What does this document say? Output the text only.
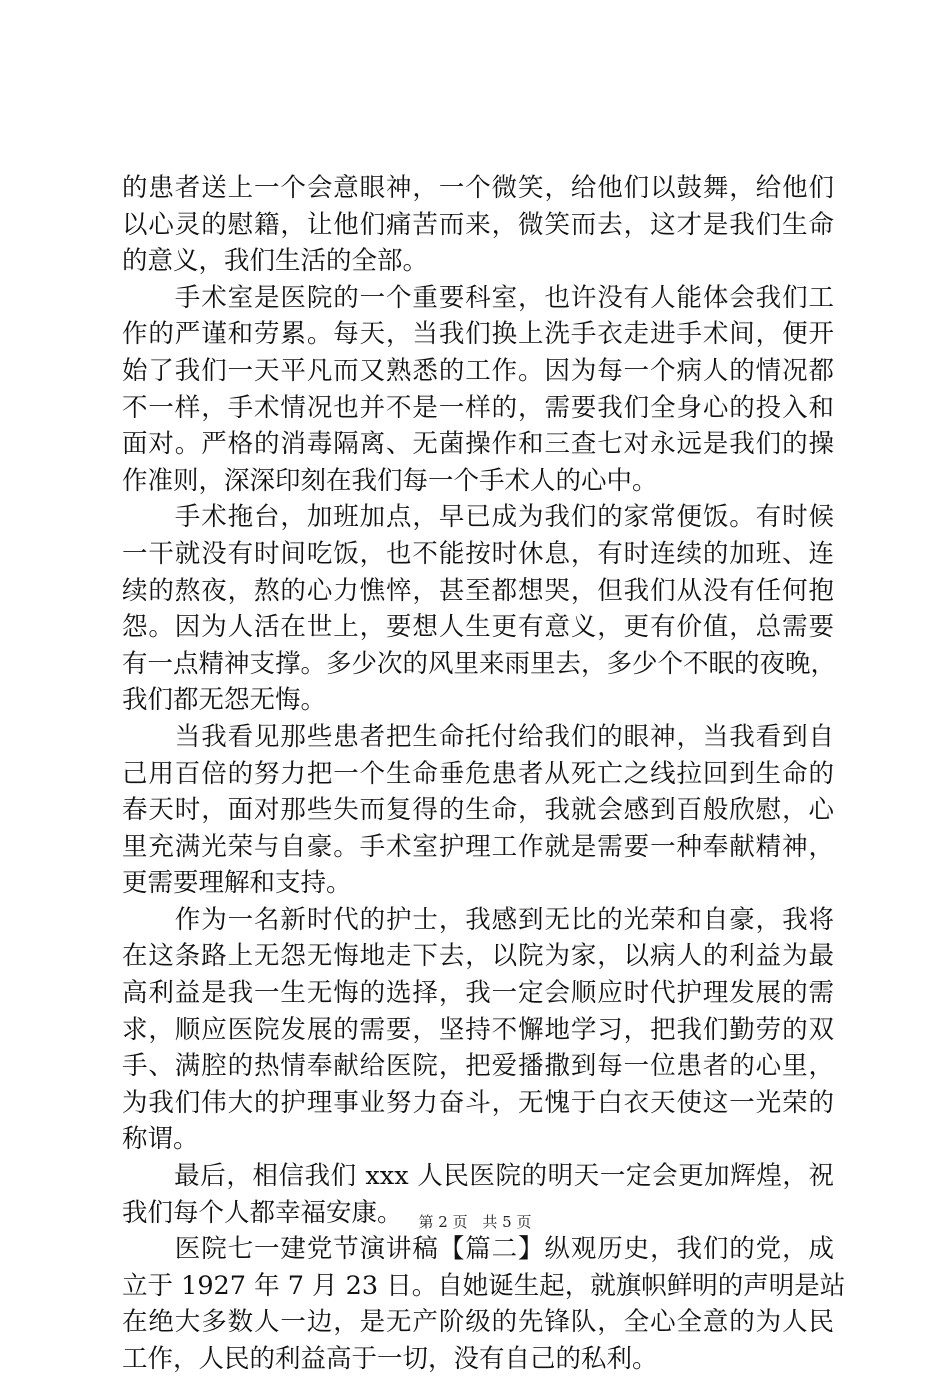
的患者送上一个会意眼神，一个微笑，给他们以鼓舞，给他们
以心灵的慰籍，让他们痛苦而来，微笑而去，这才是我们生命
的意义，我们生活的全部。
　　手术室是医院的一个重要科室，也许没有人能体会我们工
作的严谨和劳累。每天，当我们换上洗手衣走进手术间，便开
始了我们一天平凡而又熟悉的工作。因为每一个病人的情况都
不一样，手术情况也并不是一样的，需要我们全身心的投入和
面对。严格的消毒隔离、无菌操作和三查七对永远是我们的操
作准则，深深印刻在我们每一个手术人的心中。
　　手术拖台，加班加点，早已成为我们的家常便饭。有时候
一干就没有时间吃饭，也不能按时休息，有时连续的加班、连
续的熬夜，熬的心力憔悴，甚至都想哭，但我们从没有任何抱
怨。因为人活在世上，要想人生更有意义，更有价值，总需要
有一点精神支撑。多少次的风里来雨里去，多少个不眠的夜晚，
我们都无怨无悔。
　　当我看见那些患者把生命托付给我们的眼神，当我看到自
己用百倍的努力把一个生命垂危患者从死亡之线拉回到生命的
春天时，面对那些失而复得的生命，我就会感到百般欣慰，心
里充满光荣与自豪。手术室护理工作就是需要一种奉献精神，
更需要理解和支持。
　　作为一名新时代的护士，我感到无比的光荣和自豪，我将
在这条路上无怨无悔地走下去，以院为家，以病人的利益为最
高利益是我一生无悔的选择，我一定会顺应时代护理发展的需
求，顺应医院发展的需要，坚持不懈地学习，把我们勤劳的双
手、满腔的热情奉献给医院，把爱播撒到每一位患者的心里，
为我们伟大的护理事业努力奋斗，无愧于白衣天使这一光荣的
称谓。
　　最后，相信我们 xxx 人民医院的明天一定会更加辉煌，祝
我们每个人都幸福安康。
　　医院七一建党节演讲稿【篇二】纵观历史，我们的党，成
立于 1927 年 7 月 23 日。自她诞生起，就旗帜鲜明的声明是站
在绝大多数人一边，是无产阶级的先锋队，全心全意的为人民
工作，人民的利益高于一切，没有自己的私利。
第 2 页 共 5 页
